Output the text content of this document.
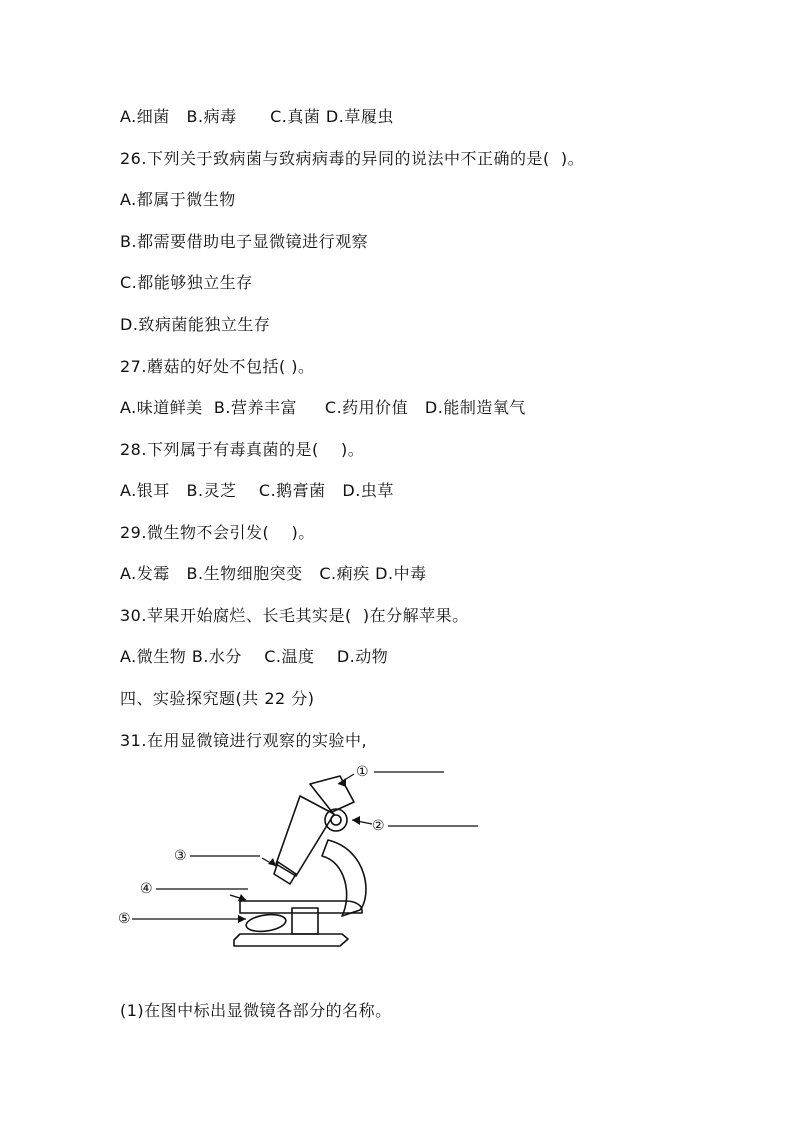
A.细菌   B.病毒      C.真菌 D.草履虫
26.下列关于致病菌与致病病毒的异同的说法中不正确的是(  )。
A.都属于微生物
B.都需要借助电子显微镜进行观察
C.都能够独立生存
D.致病菌能独立生存
27.蘑菇的好处不包括( )。
A.味道鲜美  B.营养丰富     C.药用价值   D.能制造氧气
28.下列属于有毒真菌的是(    )。
A.银耳   B.灵芝    C.鹅膏菌   D.虫草
29.微生物不会引发(    )。
A.发霉   B.生物细胞突变   C.痢疾 D.中毒
30.苹果开始腐烂、长毛其实是(  )在分解苹果。
A.微生物 B.水分    C.温度    D.动物
四、实验探究题(共 22 分)
31.在用显微镜进行观察的实验中,
①
②
③
④
⑤
(1)在图中标出显微镜各部分的名称。
